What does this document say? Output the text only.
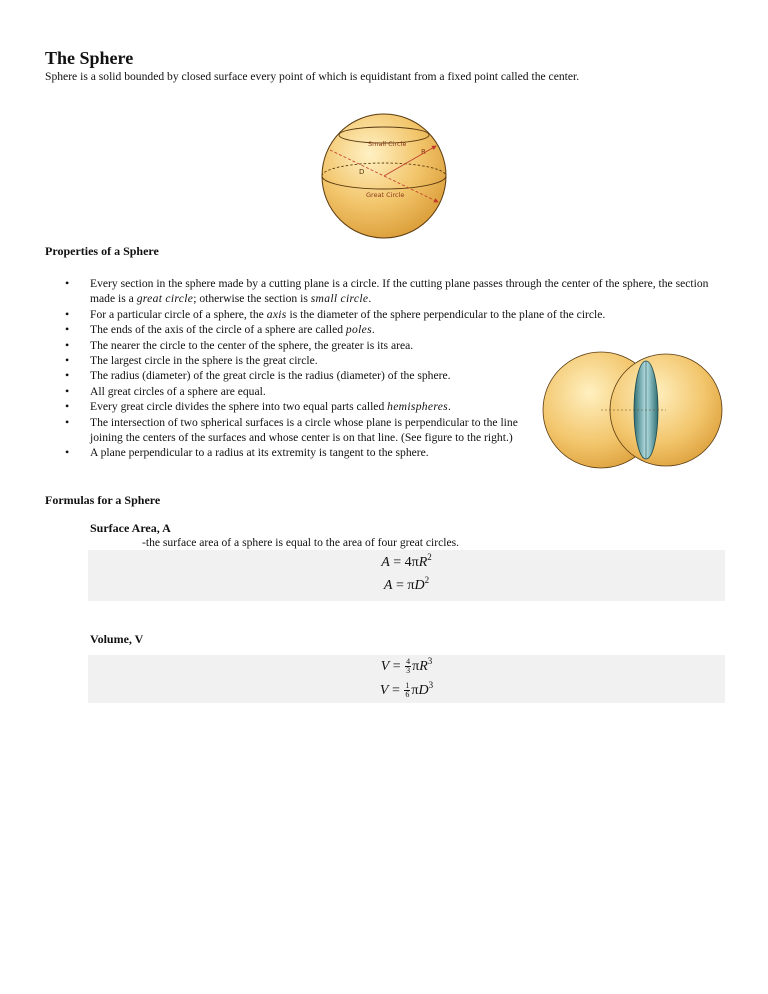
The Sphere
Sphere is a solid bounded by closed surface every point of which is equidistant from a fixed point called the center.
Small Circle
R
D
Great Circle
Properties of a Sphere
• Every section in the sphere made by a cutting plane is a circle. If the cutting plane passes through the center of the sphere, the section made is a great circle; otherwise the section is small circle.
• For a particular circle of a sphere, the axis is the diameter of the sphere perpendicular to the plane of the circle.
• The ends of the axis of the circle of a sphere are called poles.
• The nearer the circle to the center of the sphere, the greater is its area.
• The largest circle in the sphere is the great circle.
• The radius (diameter) of the great circle is the radius (diameter) of the sphere.
• All great circles of a sphere are equal.
• Every great circle divides the sphere into two equal parts called hemispheres.
• The intersection of two spherical surfaces is a circle whose plane is perpendicular to the line joining the centers of the surfaces and whose center is on that line. (See figure to the right.)
• A plane perpendicular to a radius at its extremity is tangent to the sphere.
Formulas for a Sphere
Surface Area, A
-the surface area of a sphere is equal to the area of four great circles.
$A = 4\pi R^2$
$A = \pi D^2$
Volume, V
$V = \frac{4}{3} \pi R^3$
$V = \frac{1}{6} \pi D^3$
